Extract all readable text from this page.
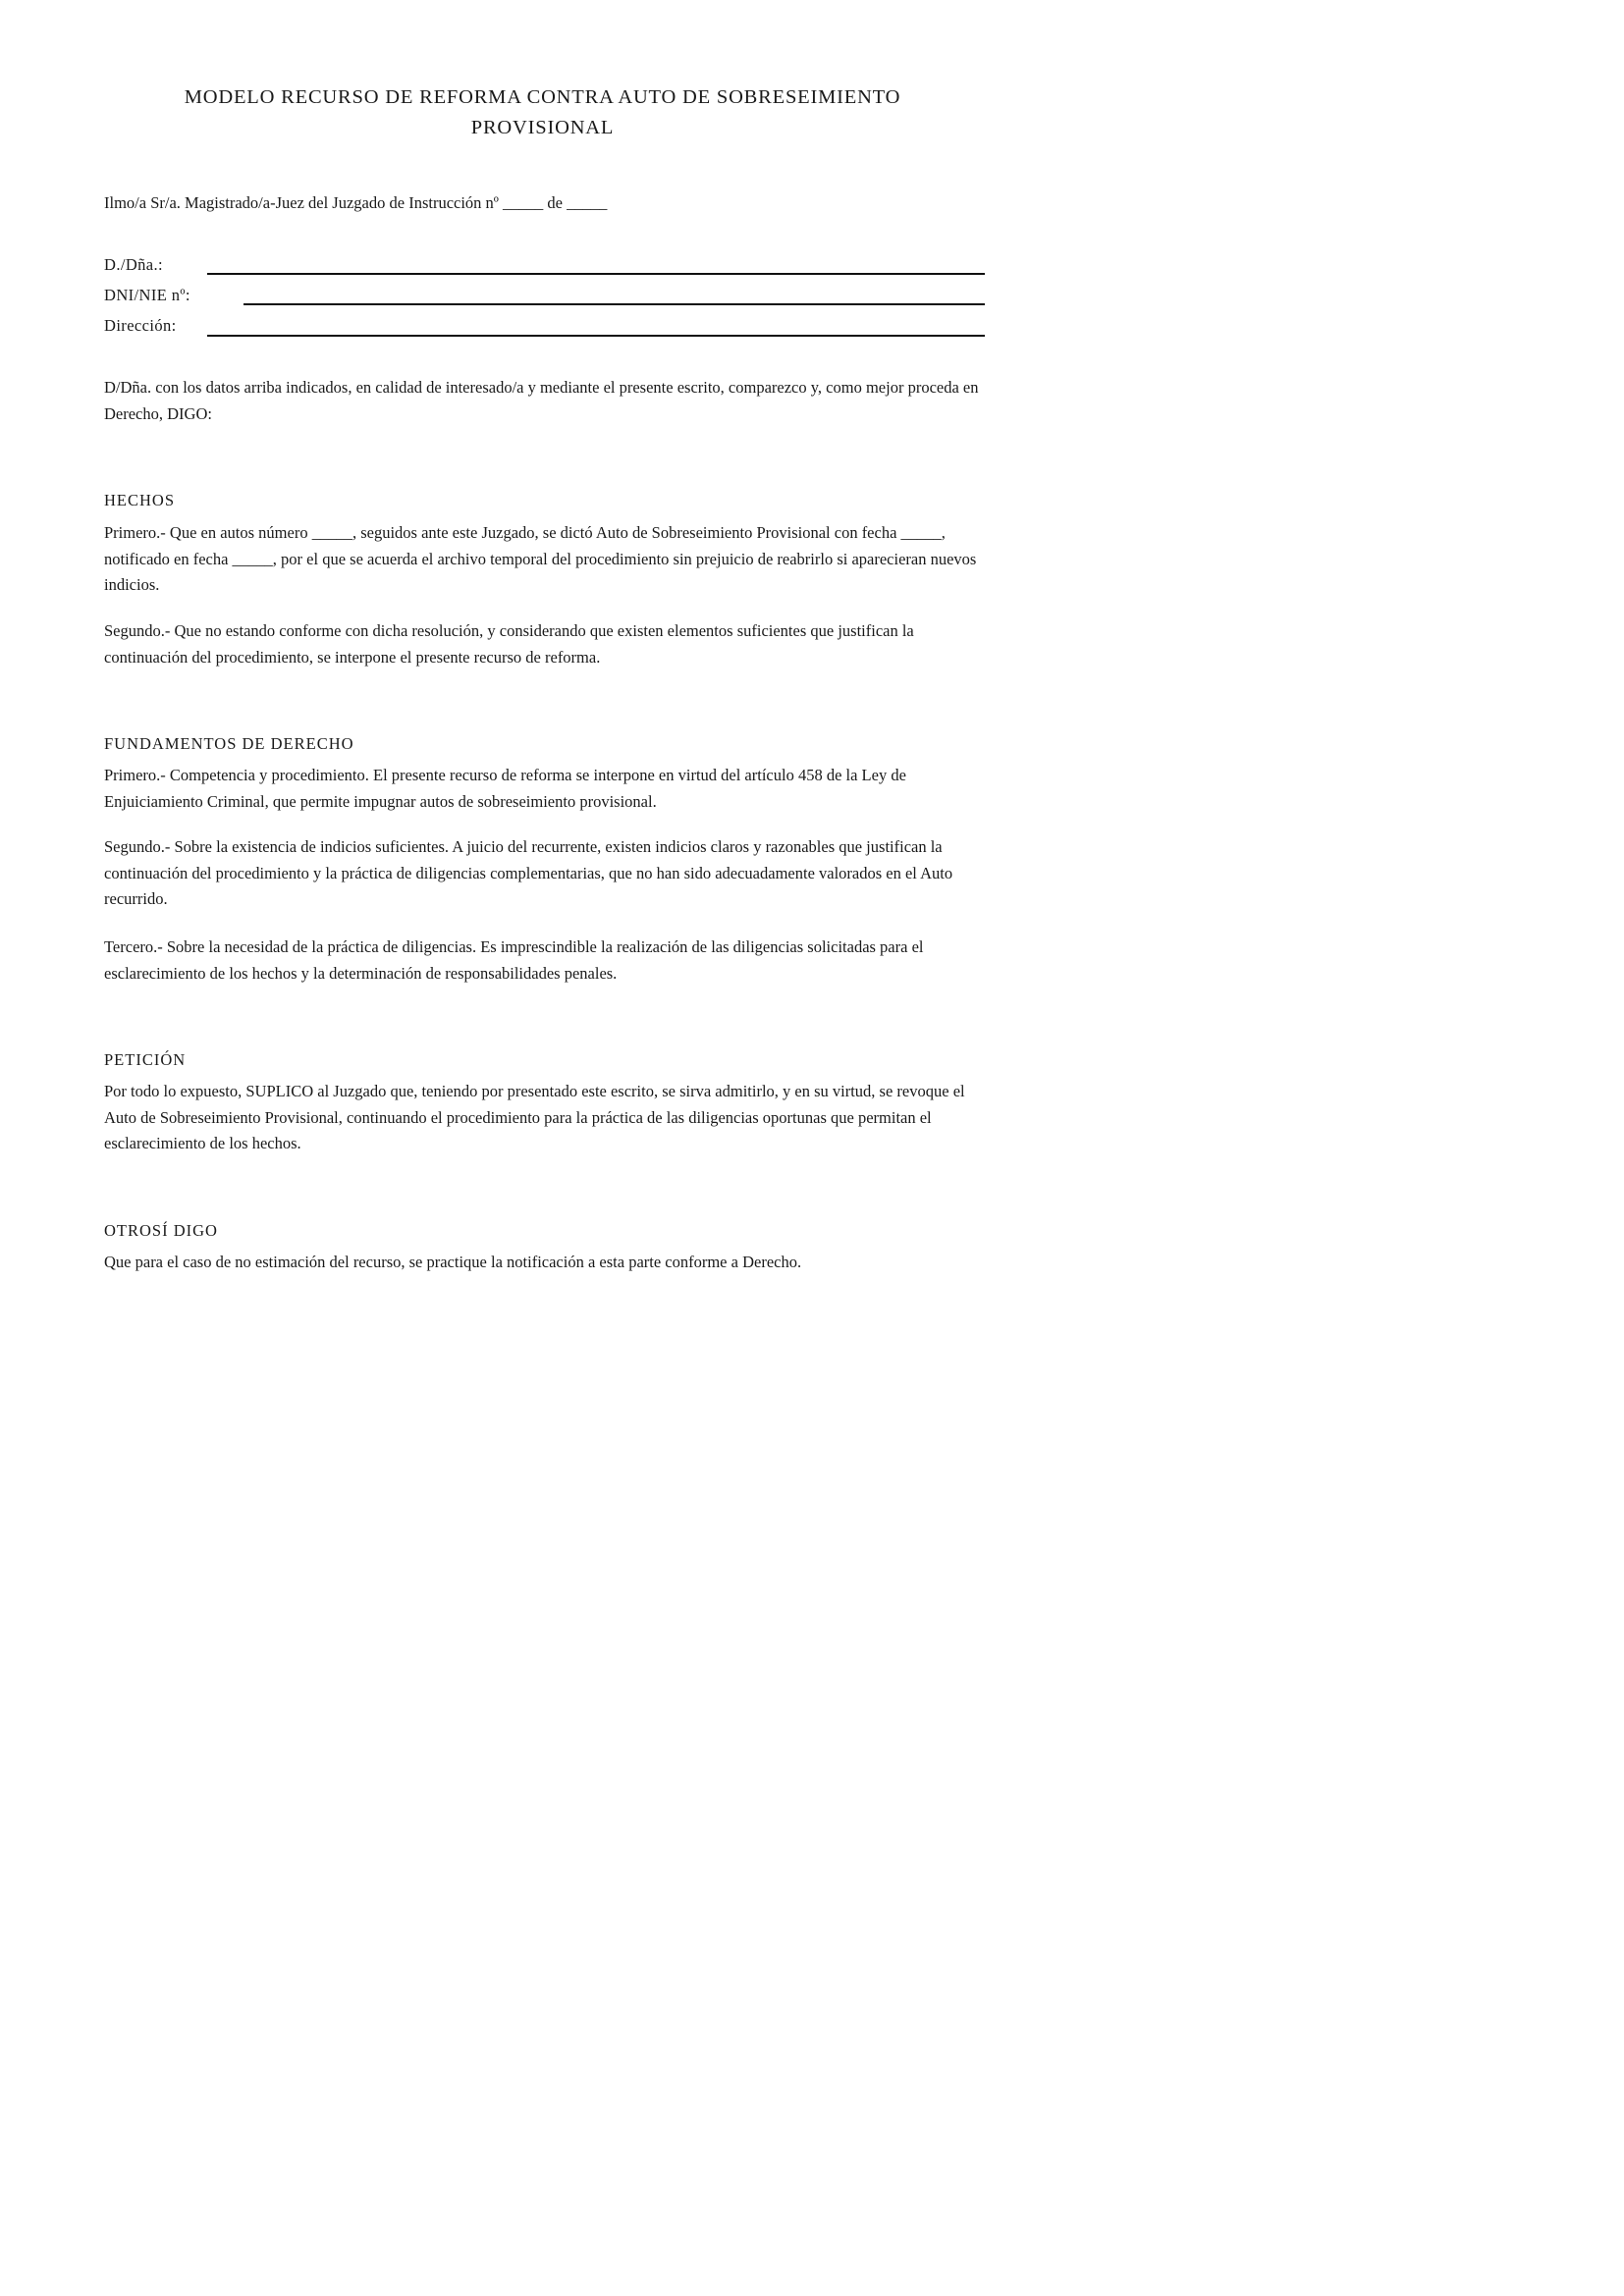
MODELO RECURSO DE REFORMA CONTRA AUTO DE SOBRESEIMIENTO PROVISIONAL

Ilmo/a Sr/a. Magistrado/a-Juez del Juzgado de Instrucción nº _____ de _____

D./Dña.:
DNI/NIE nº:
Dirección:

D/Dña. con los datos arriba indicados, en calidad de interesado/a y mediante el presente escrito, comparezco y, como mejor proceda en Derecho, DIGO:

HECHOS

Primero.- Que en autos número _____, seguidos ante este Juzgado, se dictó Auto de Sobreseimiento Provisional con fecha _____, notificado en fecha _____, por el que se acuerda el archivo temporal del procedimiento sin prejuicio de reabrirlo si aparecieran nuevos indicios.

Segundo.- Que no estando conforme con dicha resolución, y considerando que existen elementos suficientes que justifican la continuación del procedimiento, se interpone el presente recurso de reforma.

FUNDAMENTOS DE DERECHO

Primero.- Competencia y procedimiento. El presente recurso de reforma se interpone en virtud del artículo 458 de la Ley de Enjuiciamiento Criminal, que permite impugnar autos de sobreseimiento provisional.

Segundo.- Sobre la existencia de indicios suficientes. A juicio del recurrente, existen indicios claros y razonables que justifican la continuación del procedimiento y la práctica de diligencias complementarias, que no han sido adecuadamente valorados en el Auto recurrido.

Tercero.- Sobre la necesidad de la práctica de diligencias. Es imprescindible la realización de las diligencias solicitadas para el esclarecimiento de los hechos y la determinación de responsabilidades penales.

PETICIÓN

Por todo lo expuesto, SUPLICO al Juzgado que, teniendo por presentado este escrito, se sirva admitirlo, y en su virtud, se revoque el Auto de Sobreseimiento Provisional, continuando el procedimiento para la práctica de las diligencias oportunas que permitan el esclarecimiento de los hechos.

OTROSÍ DIGO

Que para el caso de no estimación del recurso, se practique la notificación a esta parte conforme a Derecho.
